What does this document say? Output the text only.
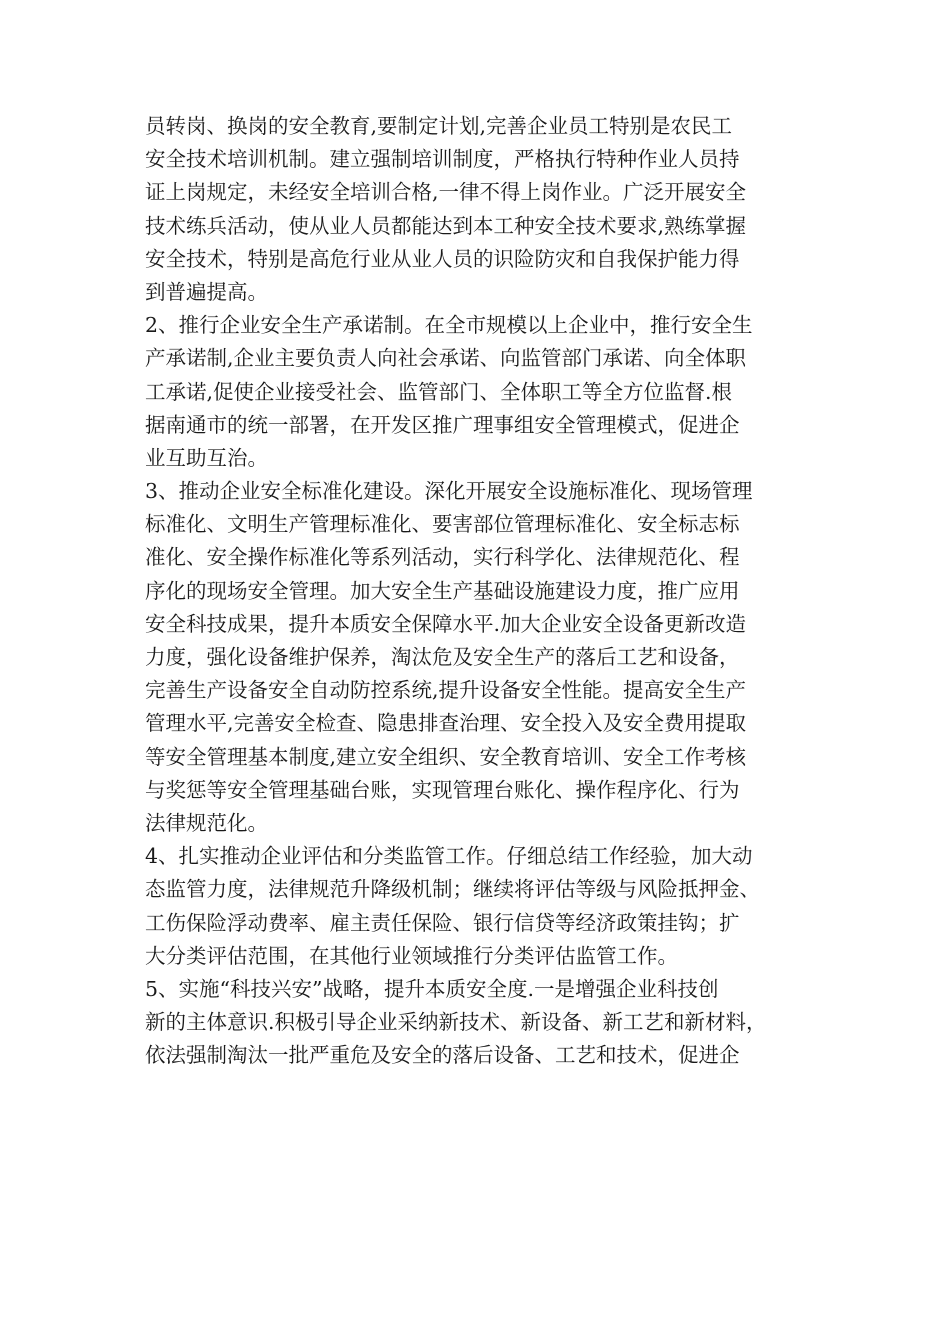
员转岗、换岗的安全教育,要制定计划,完善企业员工特别是农民工
安全技术培训机制。建立强制培训制度，严格执行特种作业人员持
证上岗规定，未经安全培训合格,一律不得上岗作业。广泛开展安全
技术练兵活动，使从业人员都能达到本工种安全技术要求,熟练掌握
安全技术，特别是高危行业从业人员的识险防灾和自我保护能力得
到普遍提高。
2、推行企业安全生产承诺制。在全市规模以上企业中，推行安全生
产承诺制,企业主要负责人向社会承诺、向监管部门承诺、向全体职
工承诺,促使企业接受社会、监管部门、全体职工等全方位监督.根
据南通市的统一部署，在开发区推广理事组安全管理模式，促进企
业互助互治。
3、推动企业安全标准化建设。深化开展安全设施标准化、现场管理
标准化、文明生产管理标准化、要害部位管理标准化、安全标志标
准化、安全操作标准化等系列活动，实行科学化、法律规范化、程
序化的现场安全管理。加大安全生产基础设施建设力度，推广应用
安全科技成果，提升本质安全保障水平.加大企业安全设备更新改造
力度，强化设备维护保养，淘汰危及安全生产的落后工艺和设备，
完善生产设备安全自动防控系统,提升设备安全性能。提高安全生产
管理水平,完善安全检查、隐患排查治理、安全投入及安全费用提取
等安全管理基本制度,建立安全组织、安全教育培训、安全工作考核
与奖惩等安全管理基础台账，实现管理台账化、操作程序化、行为
法律规范化。
4、扎实推动企业评估和分类监管工作。仔细总结工作经验，加大动
态监管力度，法律规范升降级机制；继续将评估等级与风险抵押金、
工伤保险浮动费率、雇主责任保险、银行信贷等经济政策挂钩；扩
大分类评估范围，在其他行业领域推行分类评估监管工作。
5、实施“科技兴安”战略，提升本质安全度.一是增强企业科技创
新的主体意识.积极引导企业采纳新技术、新设备、新工艺和新材料，
依法强制淘汰一批严重危及安全的落后设备、工艺和技术，促进企
